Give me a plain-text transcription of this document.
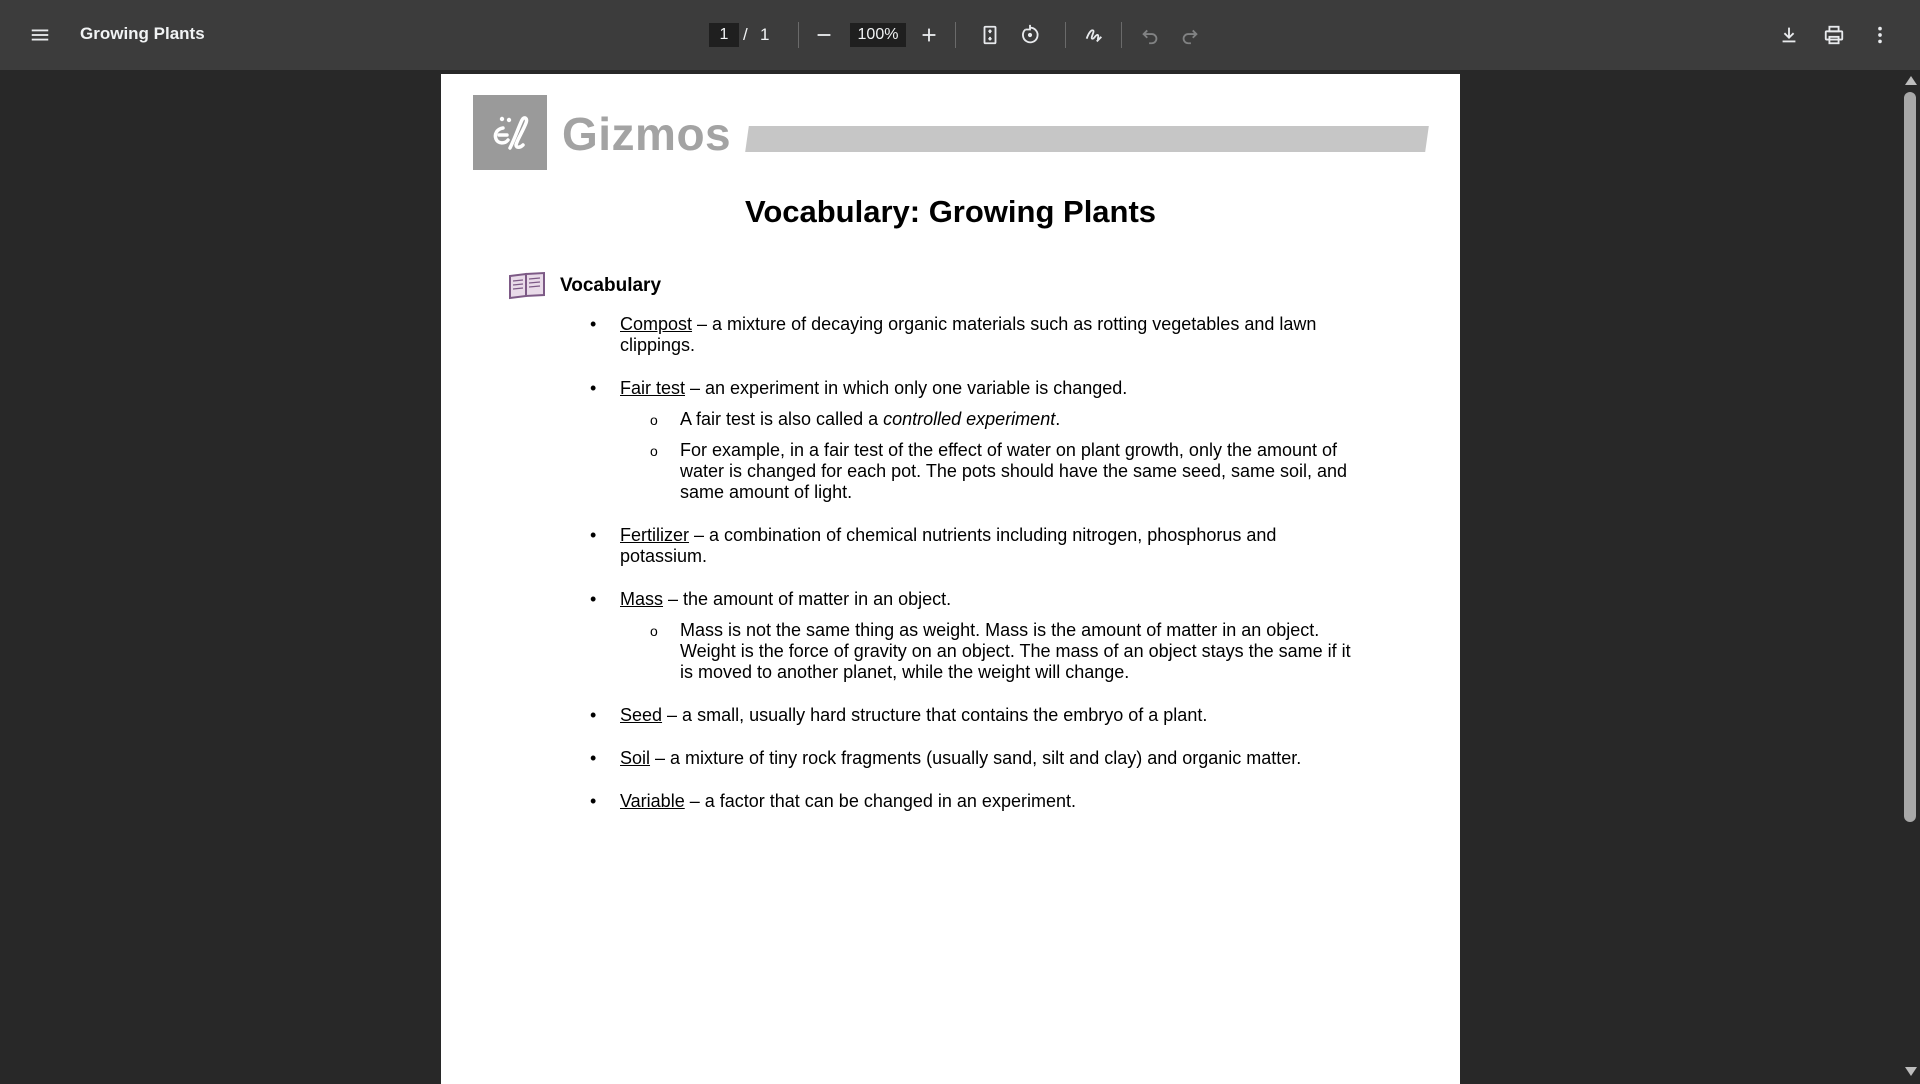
Growing Plants	1 / 1	100%
Gizmos
Vocabulary: Growing Plants
Vocabulary
• Compost – a mixture of decaying organic materials such as rotting vegetables and lawn clippings.
• Fair test – an experiment in which only one variable is changed.
o A fair test is also called a controlled experiment.
o For example, in a fair test of the effect of water on plant growth, only the amount of water is changed for each pot. The pots should have the same seed, same soil, and same amount of light.
• Fertilizer – a combination of chemical nutrients including nitrogen, phosphorus and potassium.
• Mass – the amount of matter in an object.
o Mass is not the same thing as weight. Mass is the amount of matter in an object. Weight is the force of gravity on an object. The mass of an object stays the same if it is moved to another planet, while the weight will change.
• Seed – a small, usually hard structure that contains the embryo of a plant.
• Soil – a mixture of tiny rock fragments (usually sand, silt and clay) and organic matter.
• Variable – a factor that can be changed in an experiment.
